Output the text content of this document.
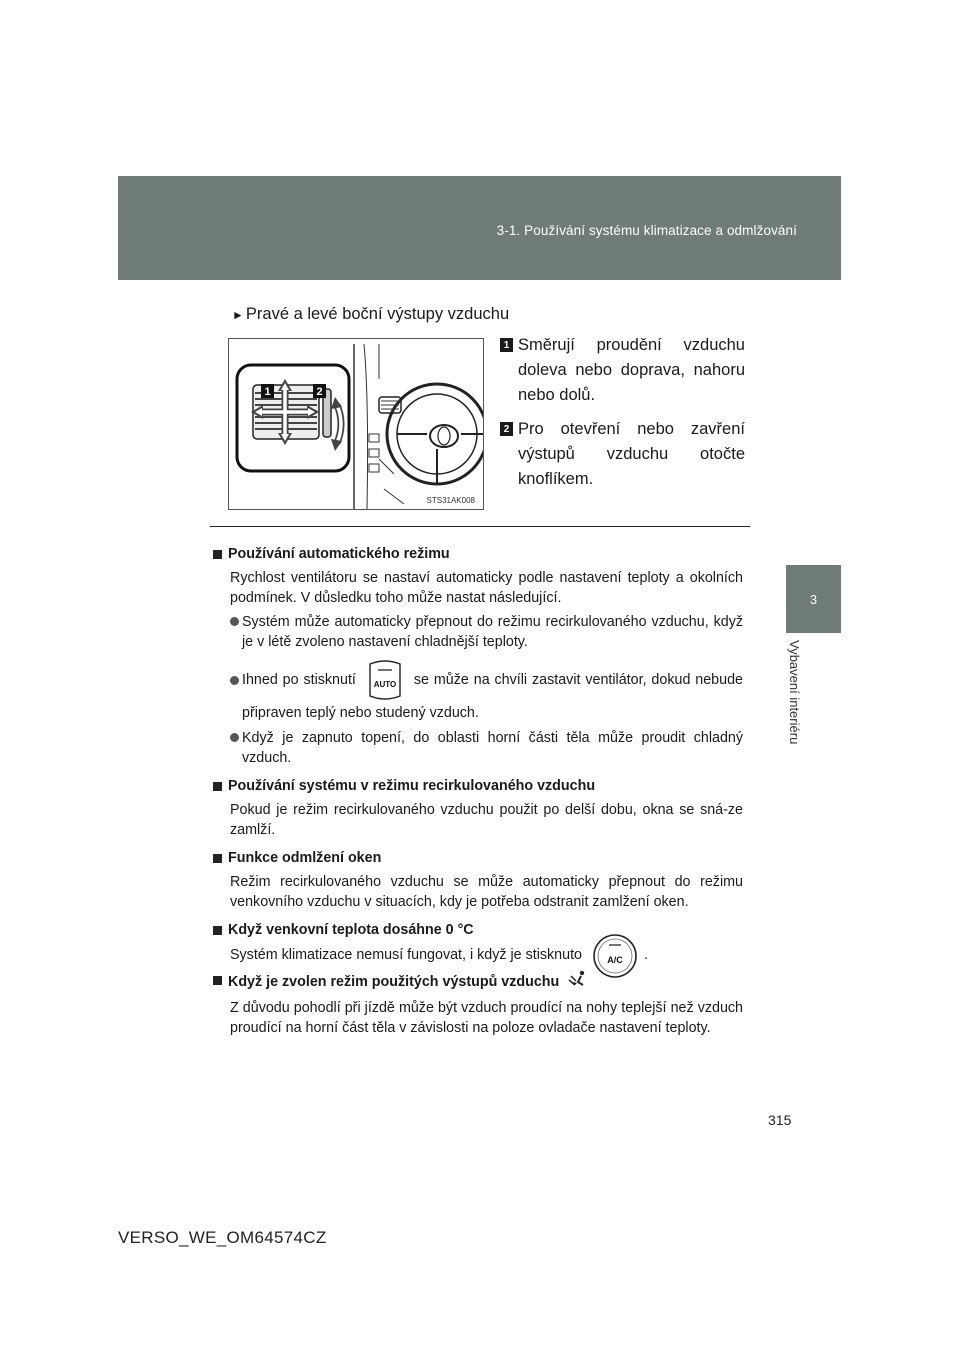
3-1. Používání systému klimatizace a odmlžování
3
Vybavení interiéru
► Pravé a levé boční výstupy vzduchu
1	2
STS31AK008
1 Směrují proudění vzduchu doleva nebo doprava, nahoru nebo dolů.
2 Pro otevření nebo zavření výstupů vzduchu otočte knoflíkem.
Používání automatického režimu
Rychlost ventilátoru se nastaví automaticky podle nastavení teploty a okolních podmínek. V důsledku toho může nastat následující.
Systém může automaticky přepnout do režimu recirkulovaného vzduchu, když je v létě zvoleno nastavení chladnější teploty.
Ihned po stisknutí AUTO se může na chvíli zastavit ventilátor, dokud nebude připraven teplý nebo studený vzduch.
Když je zapnuto topení, do oblasti horní části těla může proudit chladný vzduch.
Používání systému v režimu recirkulovaného vzduchu
Pokud je režim recirkulovaného vzduchu použit po delší dobu, okna se sná-ze zamlží.
Funkce odmlžení oken
Režim recirkulovaného vzduchu se může automaticky přepnout do režimu venkovního vzduchu v situacích, kdy je potřeba odstranit zamlžení oken.
Když venkovní teplota dosáhne 0 °C
Systém klimatizace nemusí fungovat, i když je stisknuto	A/C .
Když je zvolen režim použitých výstupů vzduchu
Z důvodu pohodlí při jízdě může být vzduch proudící na nohy teplejší než vzduch proudící na horní část těla v závislosti na poloze ovladače nastavení teploty.
315
VERSO_WE_OM64574CZ
